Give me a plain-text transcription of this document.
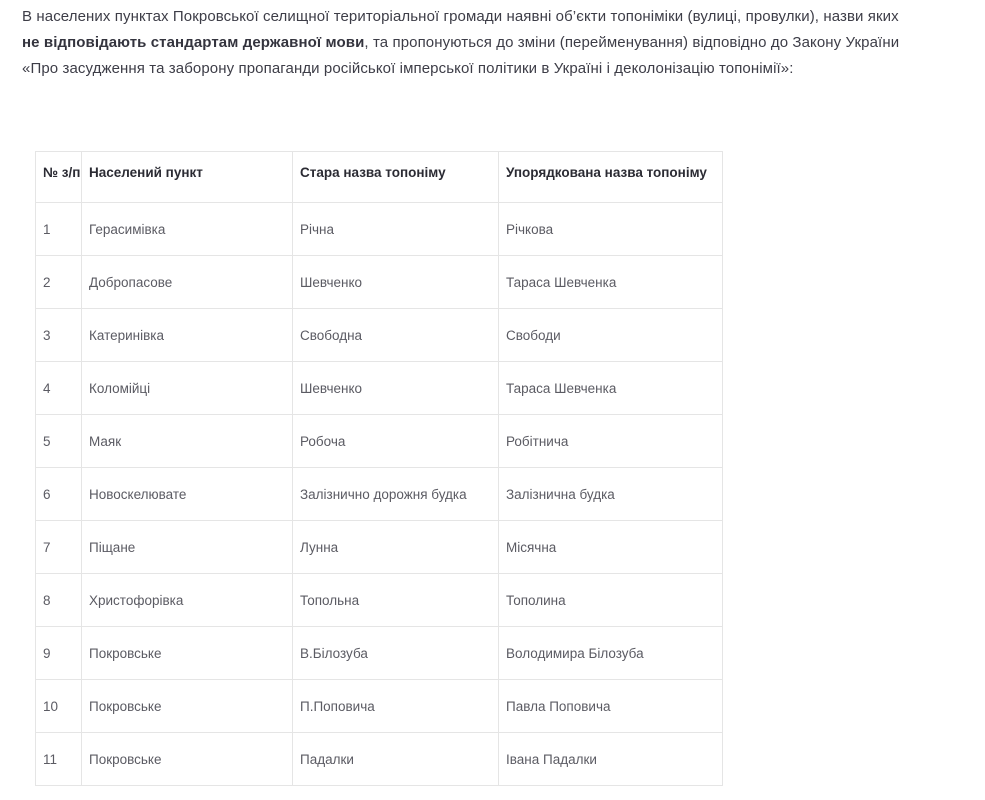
В населених пунктах Покровської селищної територіальної громади наявні об’єкти топоніміки (вулиці, провулки), назви яких не відповідають стандартам державної мови, та пропонуються до зміни (перейменування) відповідно до Закону України «Про засудження та заборону пропаганди російської імперської політики в Україні і деколонізацію топонімії»:

№ з/п	Населений пункт	Стара назва топоніму	Упорядкована назва топоніму
1	Герасимівка	Річна	Річкова
2	Добропасове	Шевченко	Тараса Шевченка
3	Катеринівка	Свободна	Свободи
4	Коломійці	Шевченко	Тараса Шевченка
5	Маяк	Робоча	Робітнича
6	Новоскелювате	Залізнично дорожня будка	Залізнична будка
7	Піщане	Лунна	Місячна
8	Христофорівка	Топольна	Тополина
9	Покровське	В.Білозуба	Володимира Білозуба
10	Покровське	П.Поповича	Павла Поповича
11	Покровське	Падалки	Івана Падалки
